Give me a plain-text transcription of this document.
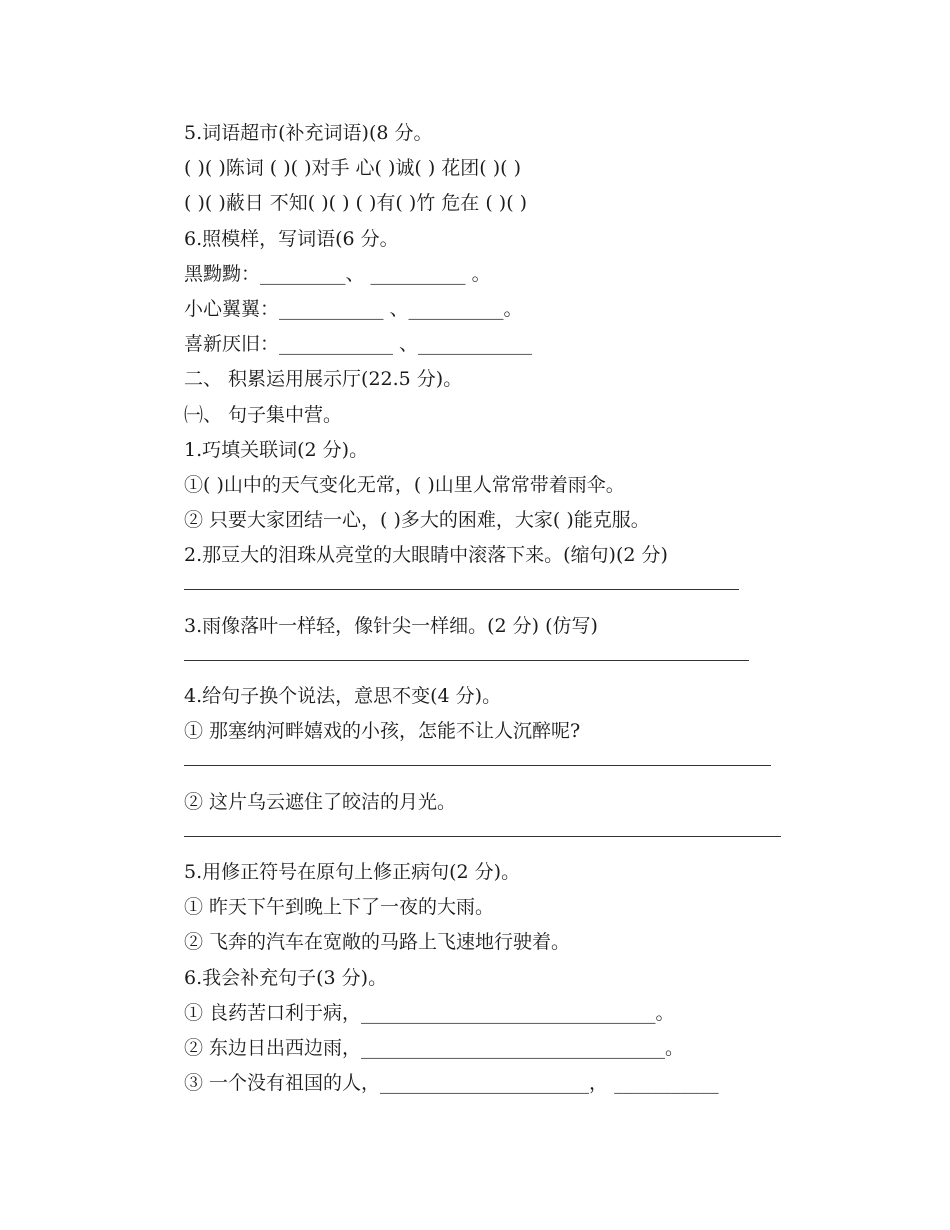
5.词语超市(补充词语)(8 分。
( )( )陈词 ( )( )对手 心( )诚( ) 花团( )( )
( )( )蔽日 不知( )( ) ( )有( )竹 危在 ( )( )
6.照模样，写词语(6 分。
黑黝黝：_________、 __________ 。
小心翼翼：___________ 、__________。
喜新厌旧：____________ 、____________
二、 积累运用展示厅(22.5 分)。
㈠、 句子集中营。
1.巧填关联词(2 分)。
①( )山中的天气变化无常，( )山里人常常带着雨伞。
② 只要大家团结一心，( )多大的困难，大家( )能克服。
2.那豆大的泪珠从亮堂的大眼睛中滚落下来。(缩句)(2 分)
3.雨像落叶一样轻，像针尖一样细。(2 分) (仿写)
4.给句子换个说法，意思不变(4 分)。
① 那塞纳河畔嬉戏的小孩，怎能不让人沉醉呢?
② 这片乌云遮住了皎洁的月光。
5.用修正符号在原句上修正病句(2 分)。
① 昨天下午到晚上下了一夜的大雨。
② 飞奔的汽车在宽敞的马路上飞速地行驶着。
6.我会补充句子(3 分)。
① 良药苦口利于病，_______________________________。
② 东边日出西边雨，________________________________。
③ 一个没有祖国的人，______________________， ___________
